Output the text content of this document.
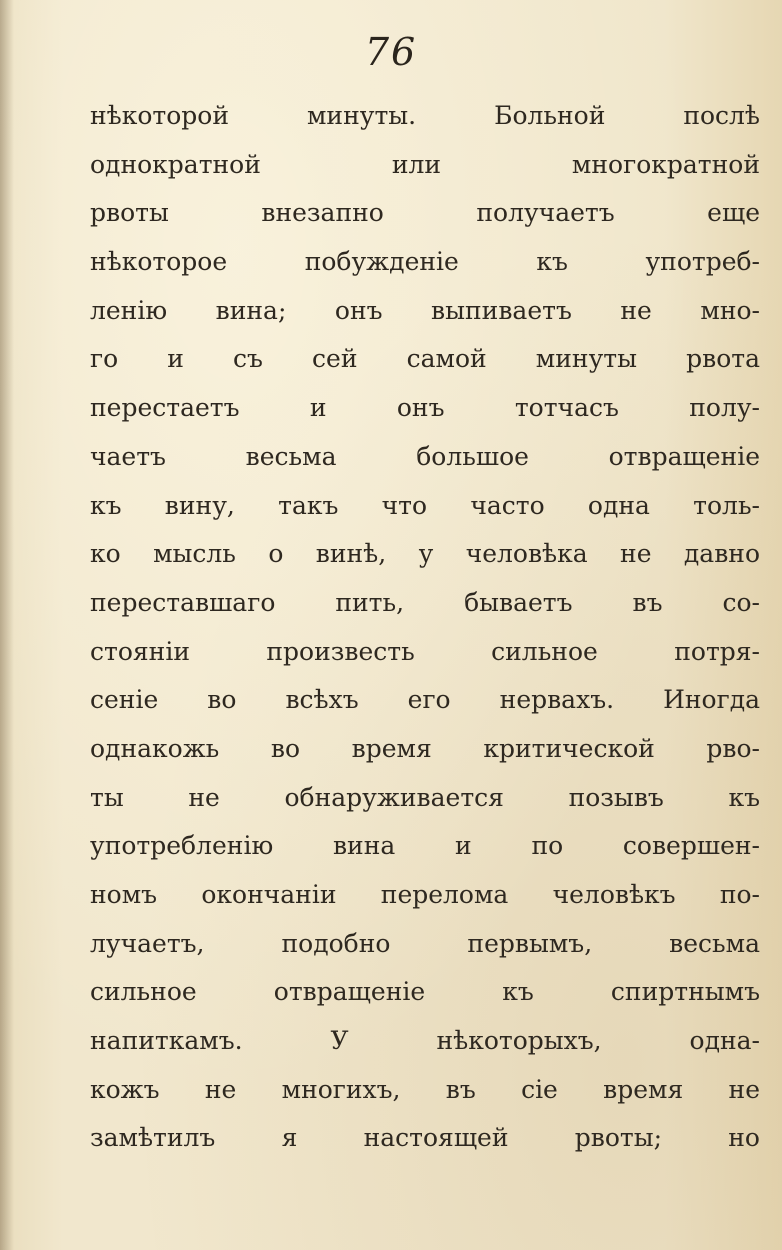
76
нѣкоторой минуты. Больной послѣ
однократной или многократной
рвоты внезапно получаетъ еще
нѣкоторое побужденіе къ употреб-
ленію вина; онъ выпиваетъ не мно-
го и съ сей самой минуты рвота
перестаетъ и онъ тотчасъ полу-
чаетъ весьма большое отвращеніе
къ вину, такъ что часто одна толь-
ко мысль о винѣ, у человѣка не давно
переставшаго пить, бываетъ въ со-
стояніи произвесть сильное потря-
сеніе во всѣхъ его нервахъ. Иногда
однакожь во время критической рво-
ты не обнаруживается позывъ къ
употребленію вина и по совершен-
номъ окончаніи перелома человѣкъ по-
лучаетъ, подобно первымъ, весьма
сильное отвращеніе къ спиртнымъ
напиткамъ. У нѣкоторыхъ, одна-
кожъ не многихъ, въ сіе время не
замѣтилъ я настоящей рвоты; но
